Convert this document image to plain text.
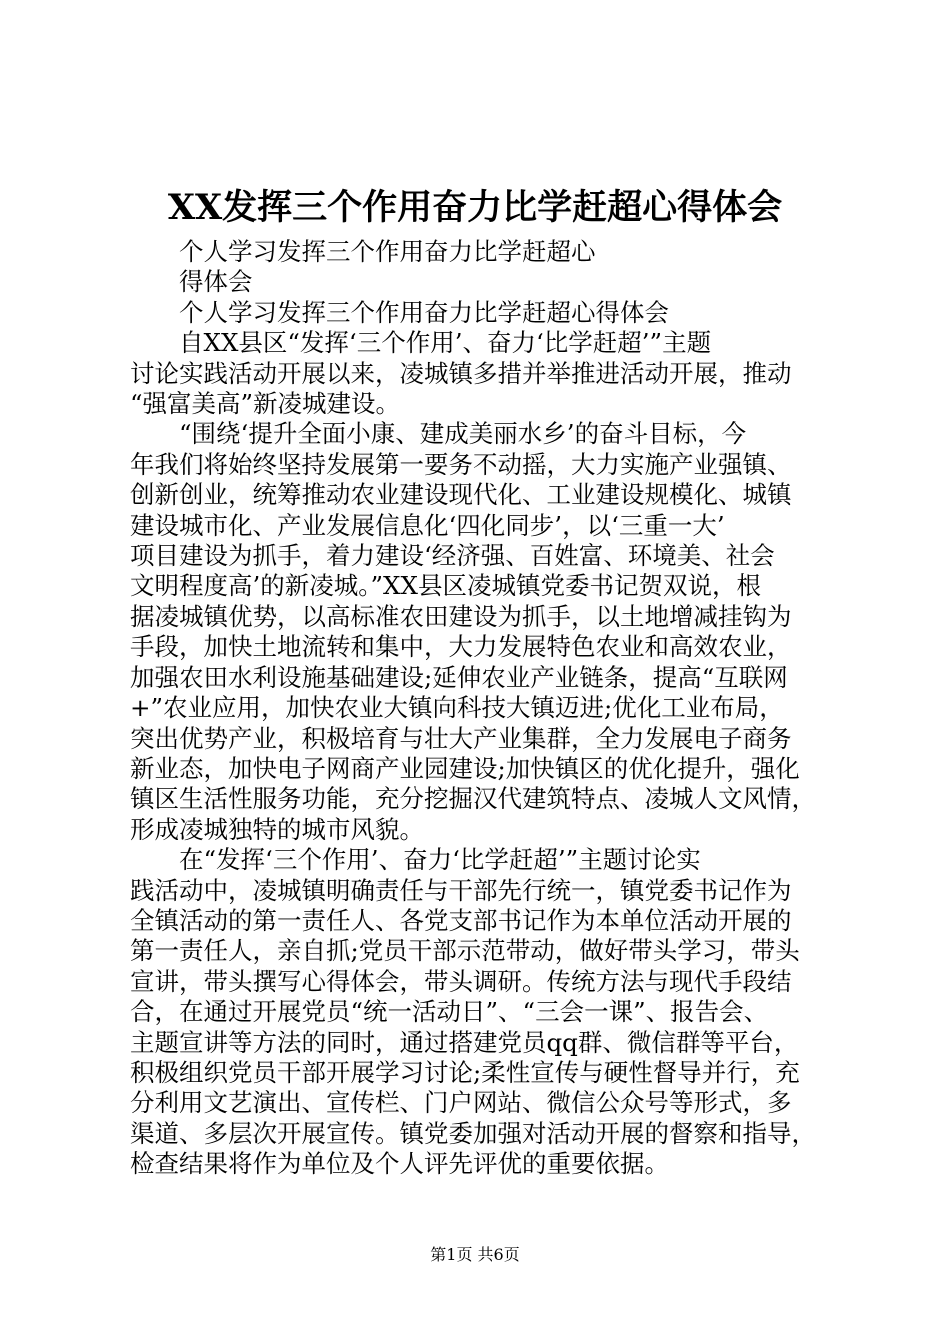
XX发挥三个作用奋力比学赶超心得体会
个人学习发挥三个作用奋力比学赶超心
得体会
个人学习发挥三个作用奋力比学赶超心得体会
自XX县区“发挥‘三个作用’、奋力‘比学赶超’”主题
讨论实践活动开展以来，凌城镇多措并举推进活动开展，推动
“强富美高”新凌城建设。
“围绕‘提升全面小康、建成美丽水乡’的奋斗目标，今
年我们将始终坚持发展第一要务不动摇，大力实施产业强镇、
创新创业，统筹推动农业建设现代化、工业建设规模化、城镇
建设城市化、产业发展信息化‘四化同步’，以‘三重一大’
项目建设为抓手，着力建设‘经济强、百姓富、环境美、社会
文明程度高’的新凌城。”XX县区凌城镇党委书记贺双说，根
据凌城镇优势，以高标准农田建设为抓手，以土地增减挂钩为
手段，加快土地流转和集中，大力发展特色农业和高效农业，
加强农田水利设施基础建设;延伸农业产业链条，提高“互联网
+”农业应用，加快农业大镇向科技大镇迈进;优化工业布局，
突出优势产业，积极培育与壮大产业集群，全力发展电子商务
新业态，加快电子网商产业园建设;加快镇区的优化提升，强化
镇区生活性服务功能，充分挖掘汉代建筑特点、凌城人文风情，
形成凌城独特的城市风貌。
在“发挥‘三个作用’、奋力‘比学赶超’”主题讨论实
践活动中，凌城镇明确责任与干部先行统一，镇党委书记作为
全镇活动的第一责任人、各党支部书记作为本单位活动开展的
第一责任人，亲自抓;党员干部示范带动，做好带头学习，带头
宣讲，带头撰写心得体会，带头调研。传统方法与现代手段结
合，在通过开展党员“统一活动日”、“三会一课”、报告会、
主题宣讲等方法的同时，通过搭建党员qq群、微信群等平台，
积极组织党员干部开展学习讨论;柔性宣传与硬性督导并行，充
分利用文艺演出、宣传栏、门户网站、微信公众号等形式，多
渠道、多层次开展宣传。镇党委加强对活动开展的督察和指导，
检查结果将作为单位及个人评先评优的重要依据。
第1页 共6页
